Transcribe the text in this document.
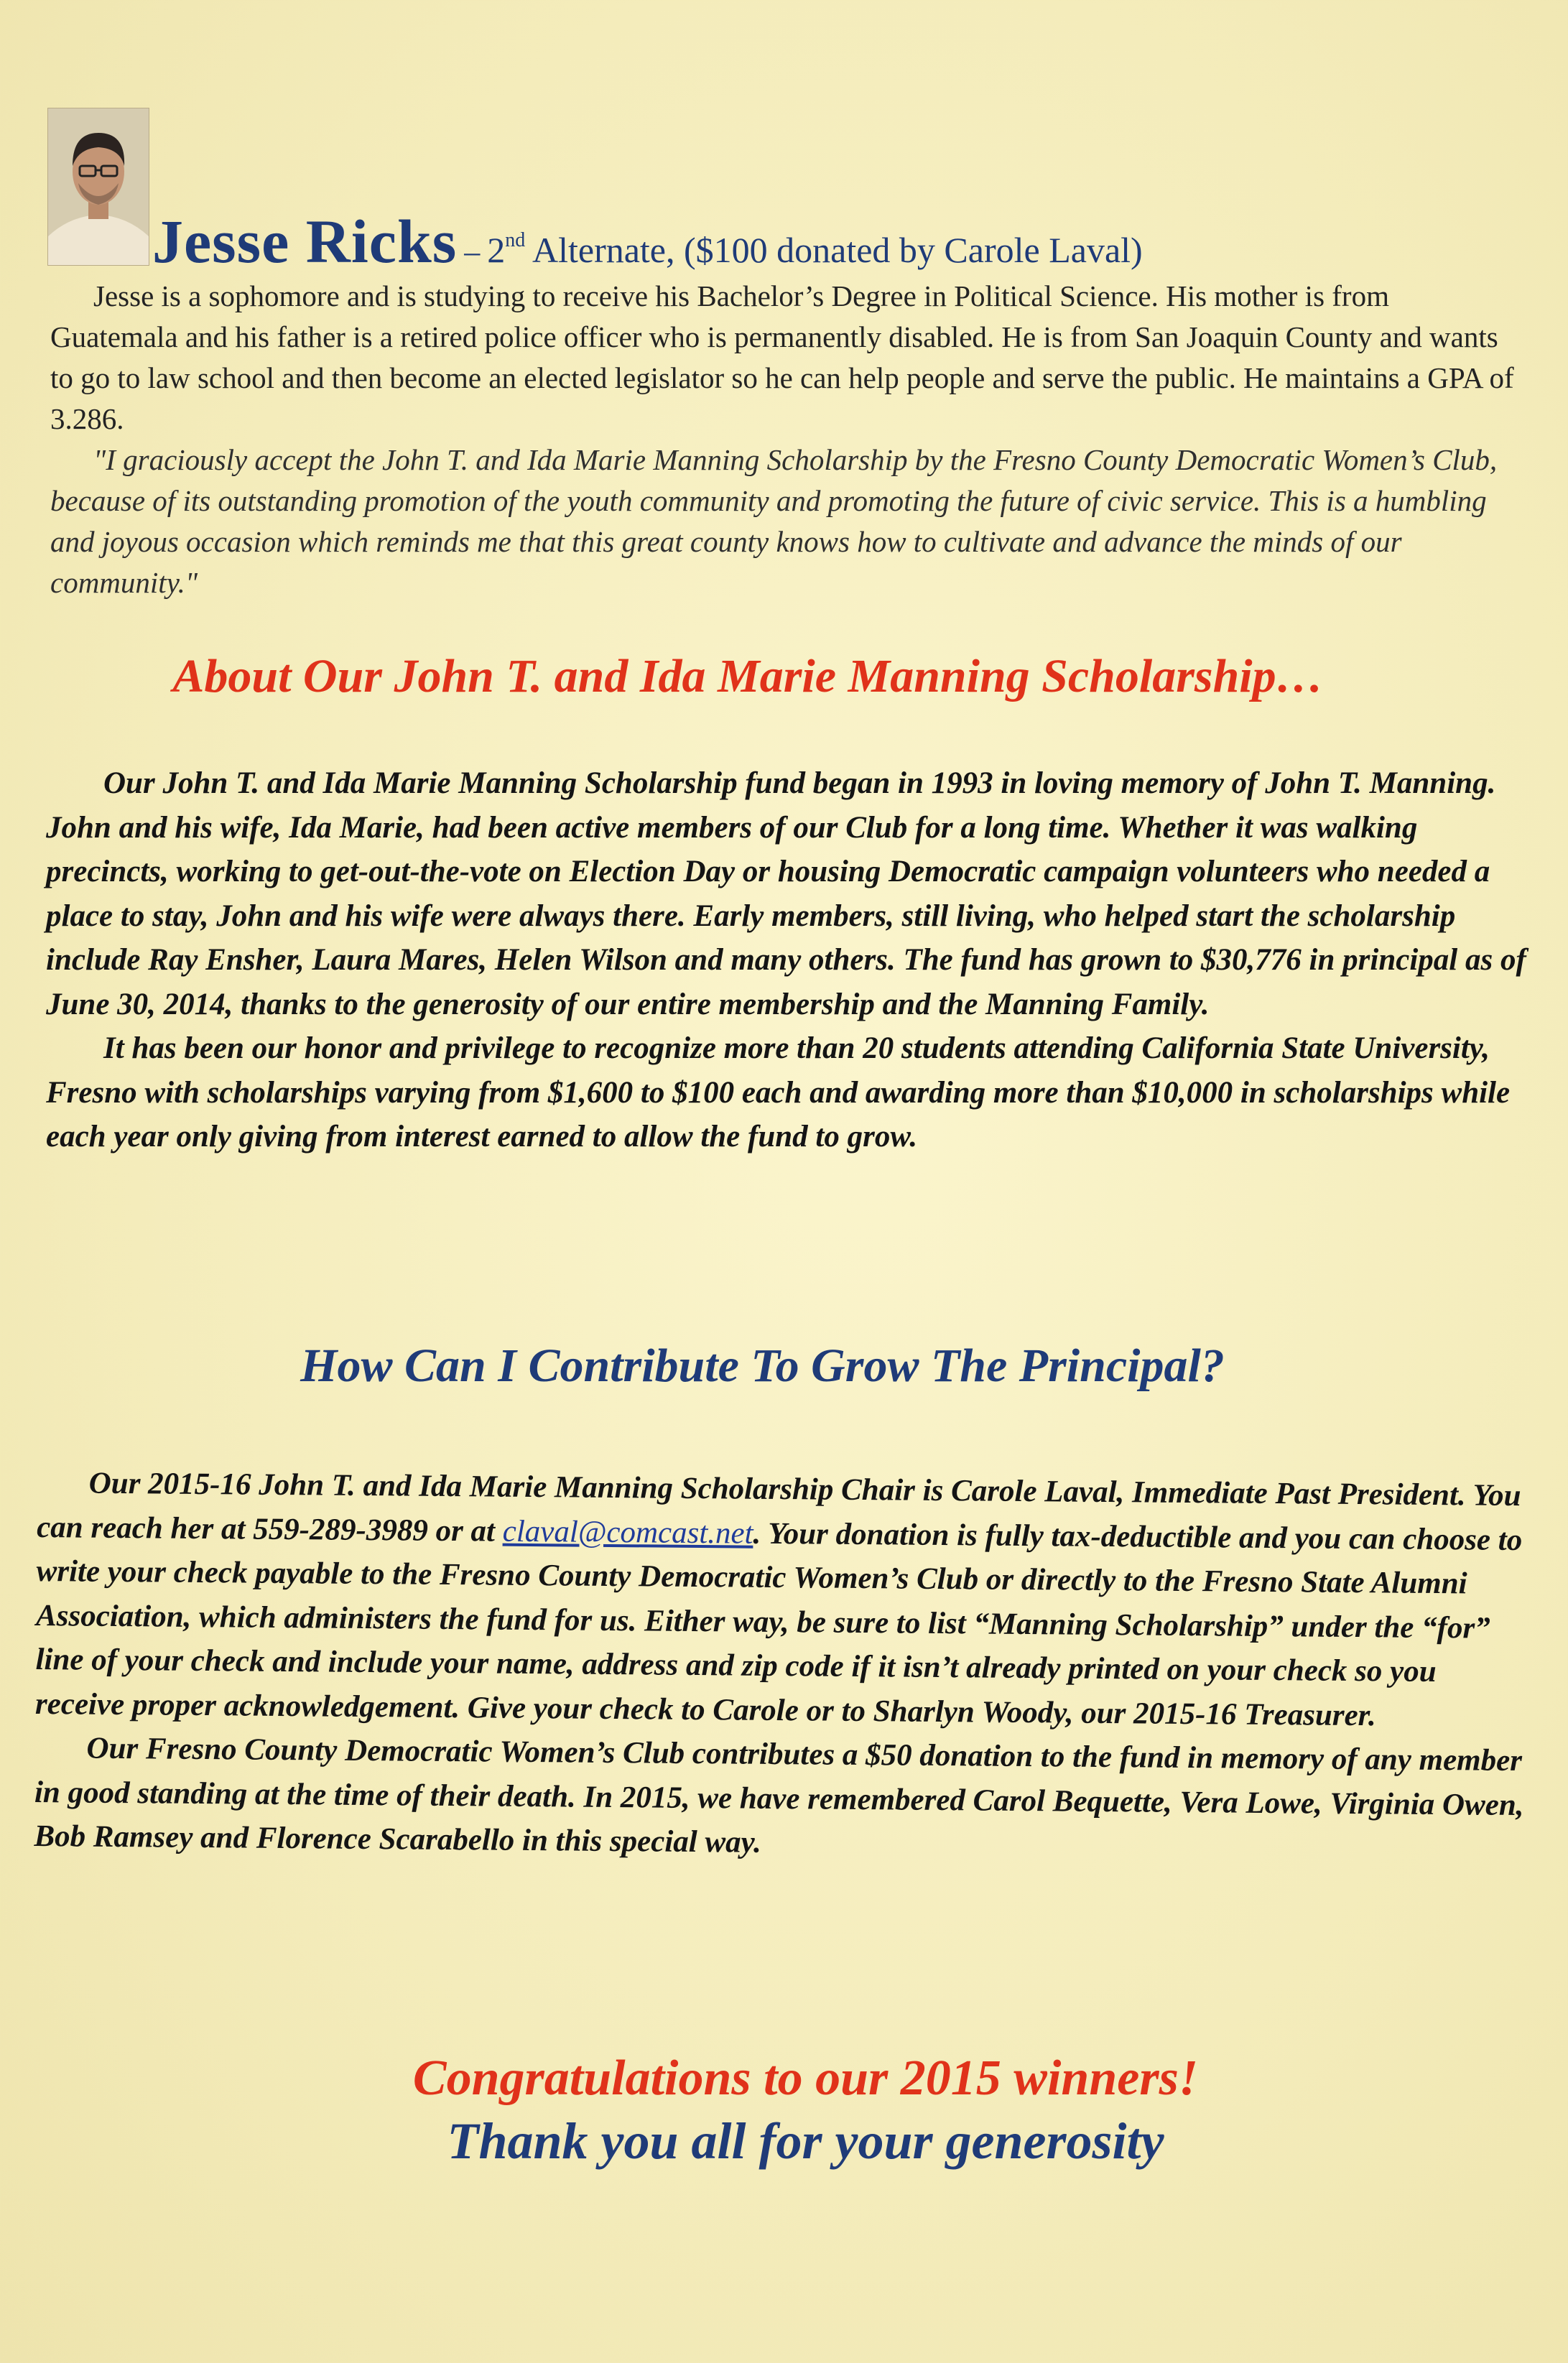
Jesse Ricks – 2nd Alternate, ($100 donated by Carole Laval)

Jesse is a sophomore and is studying to receive his Bachelor’s Degree in Political Science. His mother is from Guatemala and his father is a retired police officer who is permanently disabled. He is from San Joaquin County and wants to go to law school and then become an elected legislator so he can help people and serve the public. He maintains a GPA of 3.286.

"I graciously accept the John T. and Ida Marie Manning Scholarship by the Fresno County Democratic Women’s Club, because of its outstanding promotion of the youth community and promoting the future of civic service. This is a humbling and joyous occasion which reminds me that this great county knows how to cultivate and advance the minds of our community."
About Our John T. and Ida Marie Manning Scholarship…

Our John T. and Ida Marie Manning Scholarship fund began in 1993 in loving memory of John T. Manning. John and his wife, Ida Marie, had been active members of our Club for a long time. Whether it was walking precincts, working to get-out-the-vote on Election Day or housing Democratic campaign volunteers who needed a place to stay, John and his wife were always there. Early members, still living, who helped start the scholarship include Ray Ensher, Laura Mares, Helen Wilson and many others. The fund has grown to $30,776 in principal as of June 30, 2014, thanks to the generosity of our entire membership and the Manning Family.

It has been our honor and privilege to recognize more than 20 students attending California State University, Fresno with scholarships varying from $1,600 to $100 each and awarding more than $10,000 in scholarships while each year only giving from interest earned to allow the fund to grow.

How Can I Contribute To Grow The Principal?

Our 2015-16 John T. and Ida Marie Manning Scholarship Chair is Carole Laval, Immediate Past President. You can reach her at 559-289-3989 or at claval@comcast.net. Your donation is fully tax-deductible and you can choose to write your check payable to the Fresno County Democratic Women’s Club or directly to the Fresno State Alumni Association, which administers the fund for us. Either way, be sure to list “Manning Scholarship” under the “for” line of your check and include your name, address and zip code if it isn’t already printed on your check so you receive proper acknowledgement. Give your check to Carole or to Sharlyn Woody, our 2015-16 Treasurer.

Our Fresno County Democratic Women’s Club contributes a $50 donation to the fund in memory of any member in good standing at the time of their death. In 2015, we have remembered Carol Bequette, Vera Lowe, Virginia Owen, Bob Ramsey and Florence Scarabello in this special way.

Congratulations to our 2015 winners!
Thank you all for your generosity
